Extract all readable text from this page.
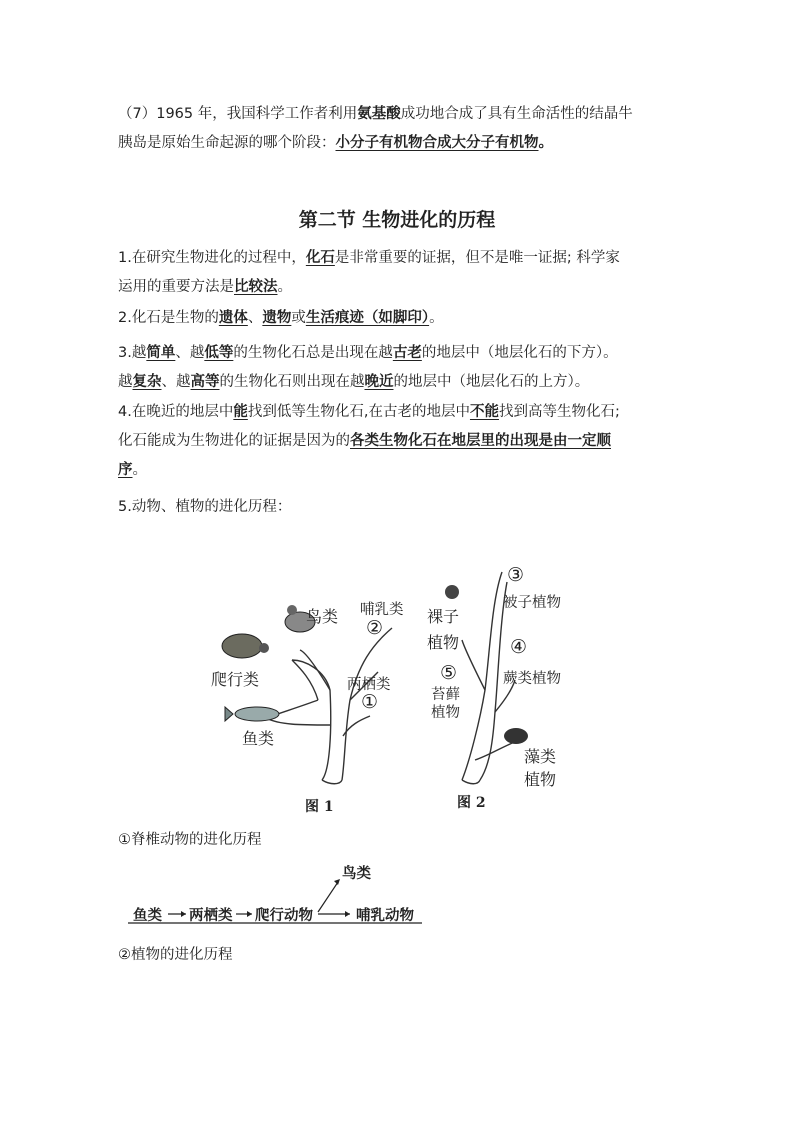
（7）1965 年，我国科学工作者利用氨基酸成功地合成了具有生命活性的结晶牛
胰岛是原始生命起源的哪个阶段：小分子有机物合成大分子有机物。
第二节 生物进化的历程
1.在研究生物进化的过程中，化石是非常重要的证据，但不是唯一证据; 科学家
运用的重要方法是比较法。
2.化石是生物的遗体、遗物或生活痕迹（如脚印）。
3.越简单、越低等的生物化石总是出现在越古老的地层中（地层化石的下方）。
越复杂、越高等的生物化石则出现在越晚近的地层中（地层化石的上方）。
4.在晚近的地层中能找到低等生物化石,在古老的地层中不能找到高等生物化石;
化石能成为生物进化的证据是因为的各类生物化石在地层里的出现是由一定顺
序。
5.动物、植物的进化历程：
鸟类 哺乳类
②
爬行类	两栖类
①
鱼类
图 1
③
裸子
植物
被子植物
④
蕨类植物
⑤
苔藓
植物
藻类
植物
图 2
①脊椎动物的进化历程
鸟类
鱼类 两栖类 爬行动物	哺乳动物
②植物的进化历程
